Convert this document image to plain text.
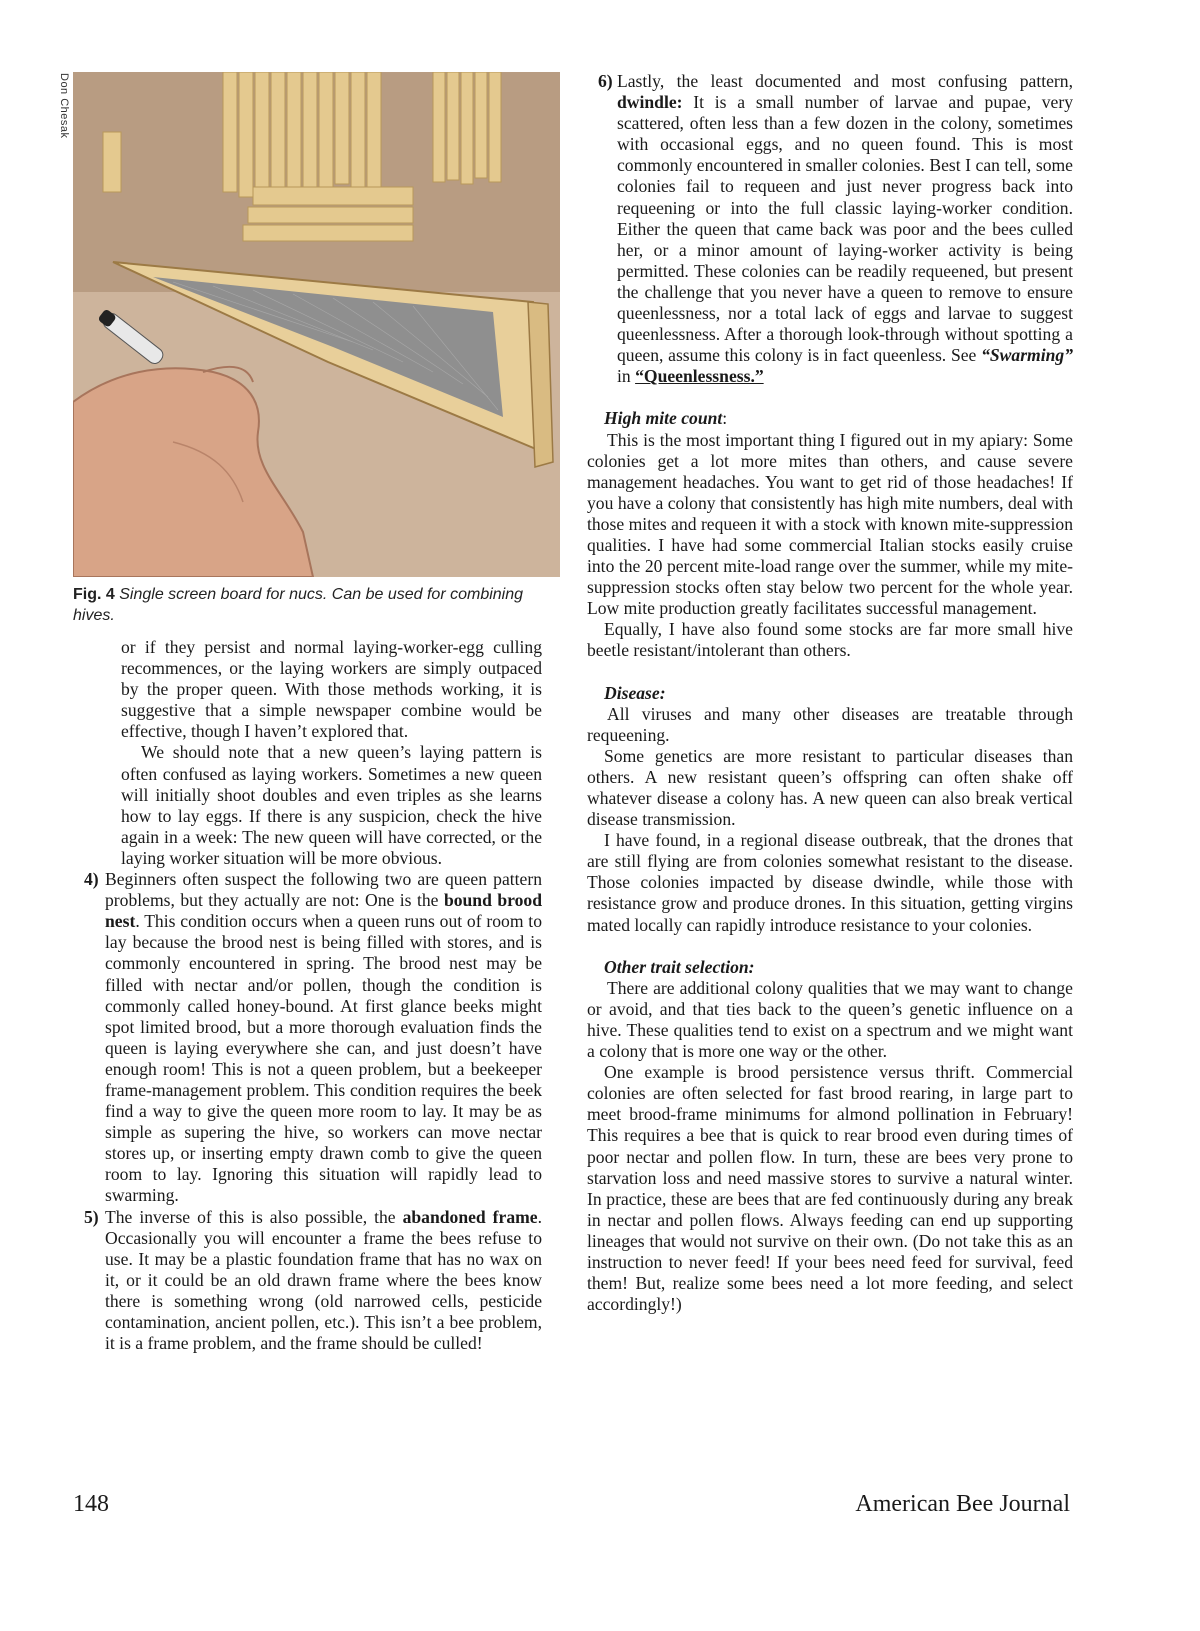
Don Chesak
Fig. 4 Single screen board for nucs. Can be used for combining hives.

or if they persist and normal laying-worker-egg culling recommences, or the laying workers are simply outpaced by the proper queen. With those methods working, it is suggestive that a simple newspaper combine would be effective, though I haven’t explored that.

We should note that a new queen’s laying pattern is often confused as laying workers. Sometimes a new queen will initially shoot doubles and even triples as she learns how to lay eggs. If there is any suspicion, check the hive again in a week: The new queen will have corrected, or the laying worker situation will be more obvious.

4) Beginners often suspect the following two are queen pattern problems, but they actually are not: One is the bound brood nest. This condition occurs when a queen runs out of room to lay because the brood nest is being filled with stores, and is commonly encountered in spring. The brood nest may be filled with nectar and/or pollen, though the condition is commonly called honey-bound. At first glance beeks might spot limited brood, but a more thorough evaluation finds the queen is laying everywhere she can, and just doesn’t have enough room! This is not a queen problem, but a beekeeper frame-management problem. This condition requires the beek find a way to give the queen more room to lay. It may be as simple as supering the hive, so workers can move nectar stores up, or inserting empty drawn comb to give the queen room to lay. Ignoring this situation will rapidly lead to swarming.
5) The inverse of this is also possible, the abandoned frame. Occasionally you will encounter a frame the bees refuse to use. It may be a plastic foundation frame that has no wax on it, or it could be an old drawn frame where the bees know there is something wrong (old narrowed cells, pesticide contamination, ancient pollen, etc.). This isn’t a bee problem, it is a frame problem, and the frame should be culled!
6) Lastly, the least documented and most confusing pattern, dwindle: It is a small number of larvae and pupae, very scattered, often less than a few dozen in the colony, sometimes with occasional eggs, and no queen found. This is most commonly encountered in smaller colonies. Best I can tell, some colonies fail to requeen and just never progress back into requeening or into the full classic laying-worker condition. Either the queen that came back was poor and the bees culled her, or a minor amount of laying-worker activity is being permitted. These colonies can be readily requeened, but present the challenge that you never have a queen to remove to ensure queenlessness, nor a total lack of eggs and larvae to suggest queenlessness. After a thorough look-through without spotting a queen, assume this colony is in fact queenless. See “Swarming” in “Queenlessness.”

High mite count:

This is the most important thing I figured out in my apiary: Some colonies get a lot more mites than others, and cause severe management headaches. You want to get rid of those headaches! If you have a colony that consistently has high mite numbers, deal with those mites and requeen it with a stock with known mite-suppression qualities. I have had some commercial Italian stocks easily cruise into the 20 percent mite-load range over the summer, while my mite-suppression stocks often stay below two percent for the whole year. Low mite production greatly facilitates successful management.

Equally, I have also found some stocks are far more small hive beetle resistant/intolerant than others.

Disease:

All viruses and many other diseases are treatable through requeening.

Some genetics are more resistant to particular diseases than others. A new resistant queen’s offspring can often shake off whatever disease a colony has. A new queen can also break vertical disease transmission.

I have found, in a regional disease outbreak, that the drones that are still flying are from colonies somewhat resistant to the disease. Those colonies impacted by disease dwindle, while those with resistance grow and produce drones. In this situation, getting virgins mated locally can rapidly introduce resistance to your colonies.

Other trait selection:

There are additional colony qualities that we may want to change or avoid, and that ties back to the queen’s genetic influence on a hive. These qualities tend to exist on a spectrum and we might want a colony that is more one way or the other.

One example is brood persistence versus thrift. Commercial colonies are often selected for fast brood rearing, in large part to meet brood-frame minimums for almond pollination in February! This requires a bee that is quick to rear brood even during times of poor nectar and pollen flow. In turn, these are bees very prone to starvation loss and need massive stores to survive a natural winter. In practice, these are bees that are fed continuously during any break in nectar and pollen flows. Always feeding can end up supporting lineages that would not survive on their own. (Do not take this as an instruction to never feed! If your bees need feed for survival, feed them! But, realize some bees need a lot more feeding, and select accordingly!)

148	American Bee Journal
